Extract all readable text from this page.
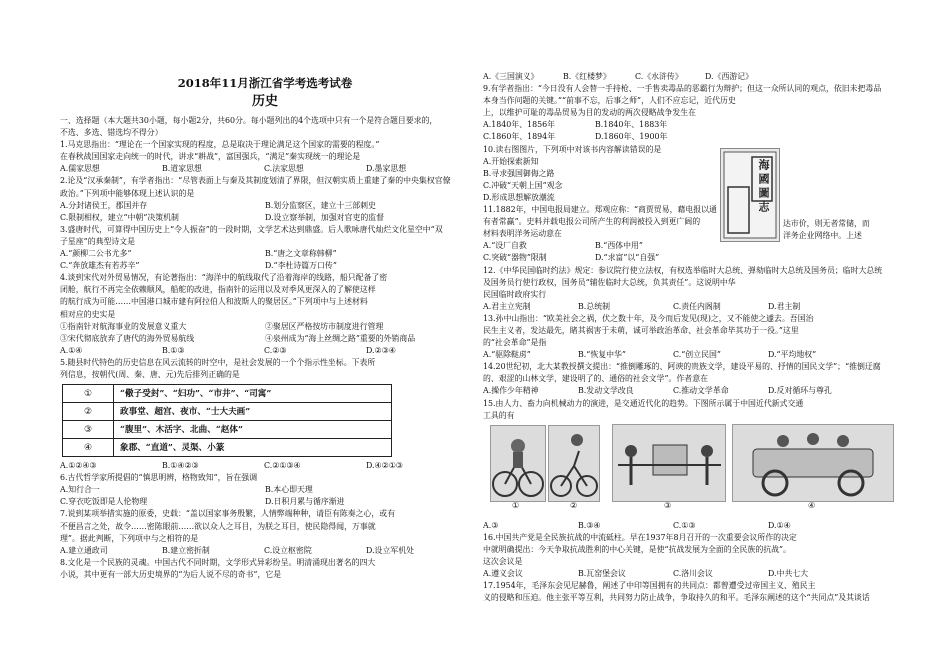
2018年11月浙江省学考选考试卷
历史

一、选择题（本大题共30小题，每小题2分，共60分。每小题列出的4个选项中只有一个是符合题目要求的，

不选、多选、错选均不得分）

1.马克思指出：“理论在一个国家实现的程度，总是取决于理论满足这个国家的需要的程度。”

在春秋战国国家走向统一的时代，讲求“耕战”，富国强兵，“满足”秦实现统一的理论是

A.儒家思想	B.道家思想	C.法家思想	D.墨家思想

2.论及“汉承秦制”，有学者指出：“尽管表面上与秦及其制度划清了界限，但汉朝实质上重建了秦的中央集权官僚

政治。”下列项中能够体现上述认识的是

A.分封诸侯王，郡国并存	B.划分监察区，建立十三部刺史
C.限制相权，建立“中朝”决策机制	D.设立察举制，加强对官吏的监督

3.盛唐时代，可算得中国历史上“令人振奋”的一段时期，文学艺术达到鼎盛。后人歌咏唐代灿烂文化星空中“双

子星座”的典型诗文是

A.“颜柳二公书尤多”	B.“唐之文章称韩柳”
C.“奔放雄杰有若苏辛”	D.“李杜诗篇万口传”

4.谈到宋代对外贸易情况，有论著指出：“海洋中的航线取代了沿着海岸的线路，船只配备了密

闭舱，航行不再完全依赖顺风，船舵的改进，指南针的运用以及对季风更深入的了解使这样

的航行成为可能……中国港口城市建有阿拉伯人和波斯人的聚居区。”下列项中与上述材料

相对应的史实是

①指南针对航海事业的发展意义重大	②聚居区严格按坊市制度进行管理
③宋代彻底放弃了唐代的海外贸易航线	④泉州成为“海上丝绸之路”重要的外销商品
A.①④	B.①③	C.②③	D.②③④

5.随县时代特色的历史信息在风云流转的时空中，是社会发展的一个个指示性坐标。下表所

列信息，按朝代(周、秦、唐、元)先后排列正确的是

①	“儆子受封”、“妇功”、“市井”、“司寓”
②	政事堂、超宫、夜市、“士大夫画”
③	“腹里”、木活字、北曲、“赵体”
④	象郡、“直道”、灵渠、小篆
A.①②④③	B.①④②③	C.②①③④	D.④②①③

6.古代哲学家所提倡的“慎思明辨，格物致知”，旨在强调

A.知行合一	B.本心即天理
C.穿衣吃饭即是人伦物理	D.日积月累与循序渐进

7.说到某项举措实施的原委，史载：“盖以国家事务殷繁，人情弊端种种，请臣有陈奏之心，或有

不便昌言之处，故令……密陈眼前……欲以众人之耳目，为朕之耳目，使民隐得闻，万事就

理”。据此判断，下列项中与之相符的是

A.建立通政司	B.建立密折制	C.设立枢密院	D.设立军机处

8.文化是一个民族的灵魂。中国古代不同时期，文学形式异彩纷呈。明清涌现出著名的四大

小说，其中更有一部大历史境界的“为后人说不尽的奇书”，它是

A.《三国演义》	B.《红楼梦》	C.《水浒传》	D.《西游记》

9.有学者指出：“今日没有人会替一手持枪、一手售卖毒品的恶霸行为辩护；但这一众所认同的观点，依旧未把毒品

本身当作问题的关键。”“前事不忘，后事之师”，人们不应忘记，近代历史

上，以维护可耻的毒品贸易为目的发动的两次侵略战争发生在

A.1840年、1856年	B.1840年、1883年
C.1860年、1894年	D.1860年、1900年

10.读右图图片，下列项中对该书内容解读错误的是

A.开始探索新知

B.寻求强国御侮之路

C.冲破“天朝上国”观念

D.形成思想解放潮流

11.1882年，中国电报局建立。郑观应称：“商贾贸易，藉电报以通

有者常赢”。史料并载电报公司所产生的利润被投入到更广阔的

材料表明洋务运动意在

A.“设厂自救	B.“西体中用”
C.突破“器物”限制	D.“求富”以“自强”

12.《中华民国临时约法》规定：参议院行使立法权，有权选举临时大总统、弹劾临时大总统及国务员；临时大总统

及国务员行使行政权，国务员“辅佐临时大总统，负其责任”。这说明中华

民国临时政府实行

A.君主立宪制	B.总统制	C.责任内阁制	D.君主制

13.孙中山指出：“欧美社会之祸，伏之数十年，及今而后发见(现)之，又不能使之遽去。吾国治

民生主义者，发达最先，睹其祸害于未萌，诚可举政治革命、社会革命毕其功于一役。”这里

的“社会革命”是指

A.“驱除鞑虏”	B.“恢复中华”	C.“创立民国”	D.“平均地权”

14.20世纪初，北大某教授撰文提出：“推倒雕琢的、阿谀的贵族文学，建设平易的、抒情的国民文学”；“推倒迂腐

的、艰涩的山林文学，建设明了的、通俗的社会文学”。作者意在

A.操作少年精神	B.发动文学改良	C.推动文学革命	D.反对循环与尊孔

15.由人力、畜力向机械动力的演进，是交通近代化的趋势。下图所示属于中国近代新式交通

工具的有

A.③	B.③④	C.①③	D.①④

16.中国共产党是全民族抗战的中流砥柱。早在1937年8月召开的一次重要会议所作的决定

中就明确提出：今天争取抗战胜利的中心关键，是使“抗战发展为全面的全民族的抗战”。

这次会议是

A.遵义会议	B.瓦窑堡会议	C.洛川会议	D.中共七大

17.1954年，毛泽东会见尼赫鲁，阐述了中印等国拥有的共同点：都曾遭受过帝国主义、殖民主

义的侵略和压迫。他主张平等互利，共同努力防止战争，争取持久的和平。毛泽东阐述的这个“共同点”及其谈话

海國圖志
达市价，则无者常储，而
洋务企业网络中。上述
①	②	③	④
